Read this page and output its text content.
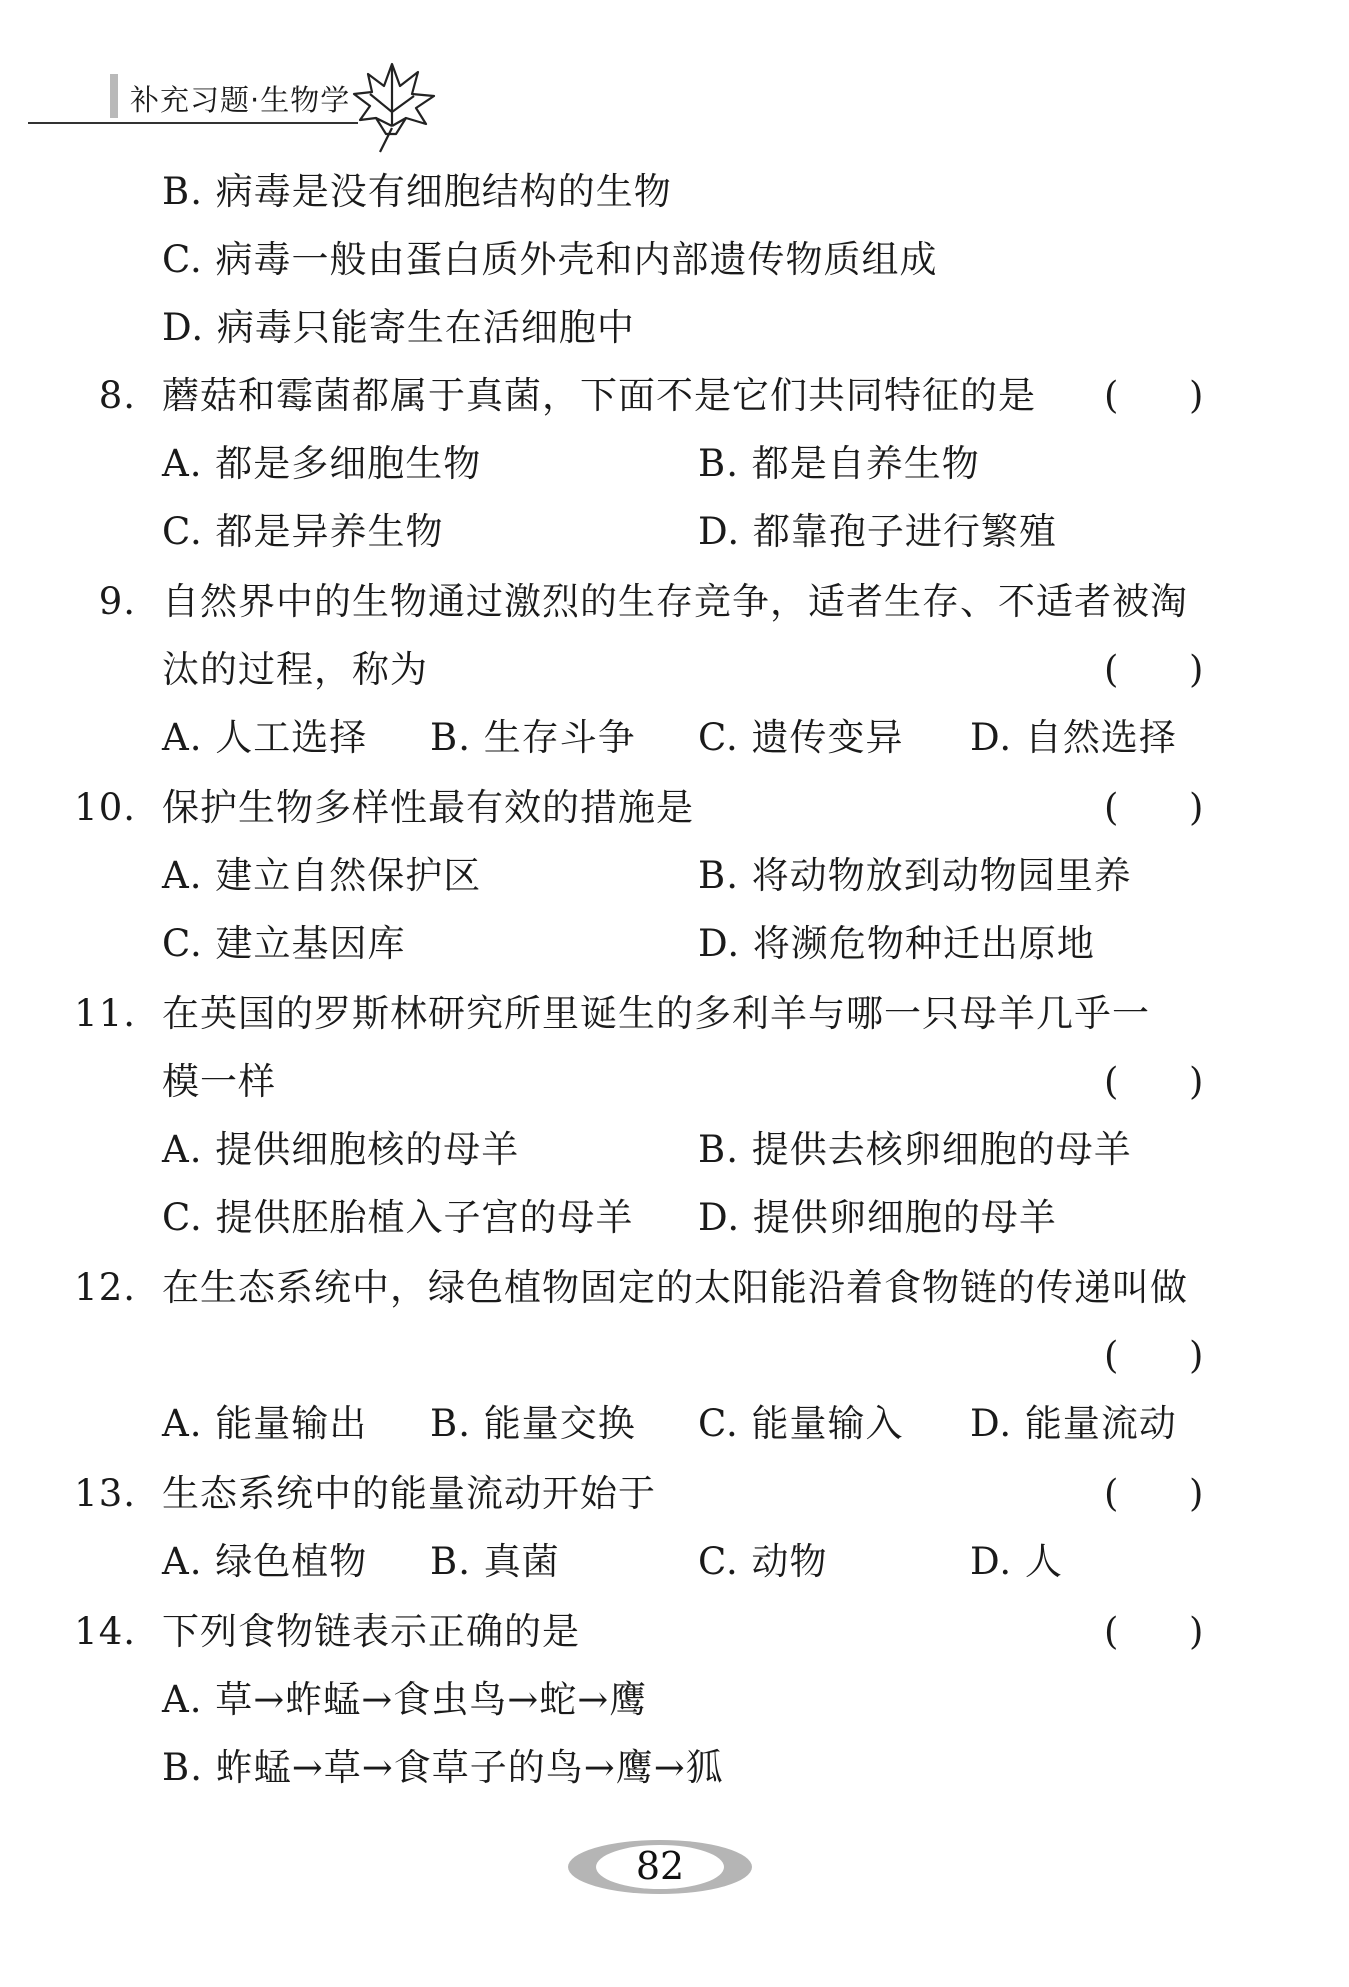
补充习题·生物学
B. 病毒是没有细胞结构的生物
C. 病毒一般由蛋白质外壳和内部遗传物质组成
D. 病毒只能寄生在活细胞中
8. 蘑菇和霉菌都属于真菌，下面不是它们共同特征的是 (      )
A. 都是多细胞生物	B. 都是自养生物
C. 都是异养生物	D. 都靠孢子进行繁殖
9. 自然界中的生物通过激烈的生存竞争，适者生存、不适者被淘
汰的过程，称为	(      )
A. 人工选择 B. 生存斗争 C. 遗传变异 D. 自然选择
10. 保护生物多样性最有效的措施是	(      )
A. 建立自然保护区	B. 将动物放到动物园里养
C. 建立基因库	D. 将濒危物种迁出原地
11. 在英国的罗斯林研究所里诞生的多利羊与哪一只母羊几乎一
模一样	(      )
A. 提供细胞核的母羊	B. 提供去核卵细胞的母羊
C. 提供胚胎植入子宫的母羊 D. 提供卵细胞的母羊
12. 在生态系统中，绿色植物固定的太阳能沿着食物链的传递叫做
(      )
A. 能量输出 B. 能量交换 C. 能量输入 D. 能量流动
13. 生态系统中的能量流动开始于	(      )
A. 绿色植物 B. 真菌	C. 动物	D. 人
14. 下列食物链表示正确的是	(      )
A. 草→蚱蜢→食虫鸟→蛇→鹰
B. 蚱蜢→草→食草子的鸟→鹰→狐
82
